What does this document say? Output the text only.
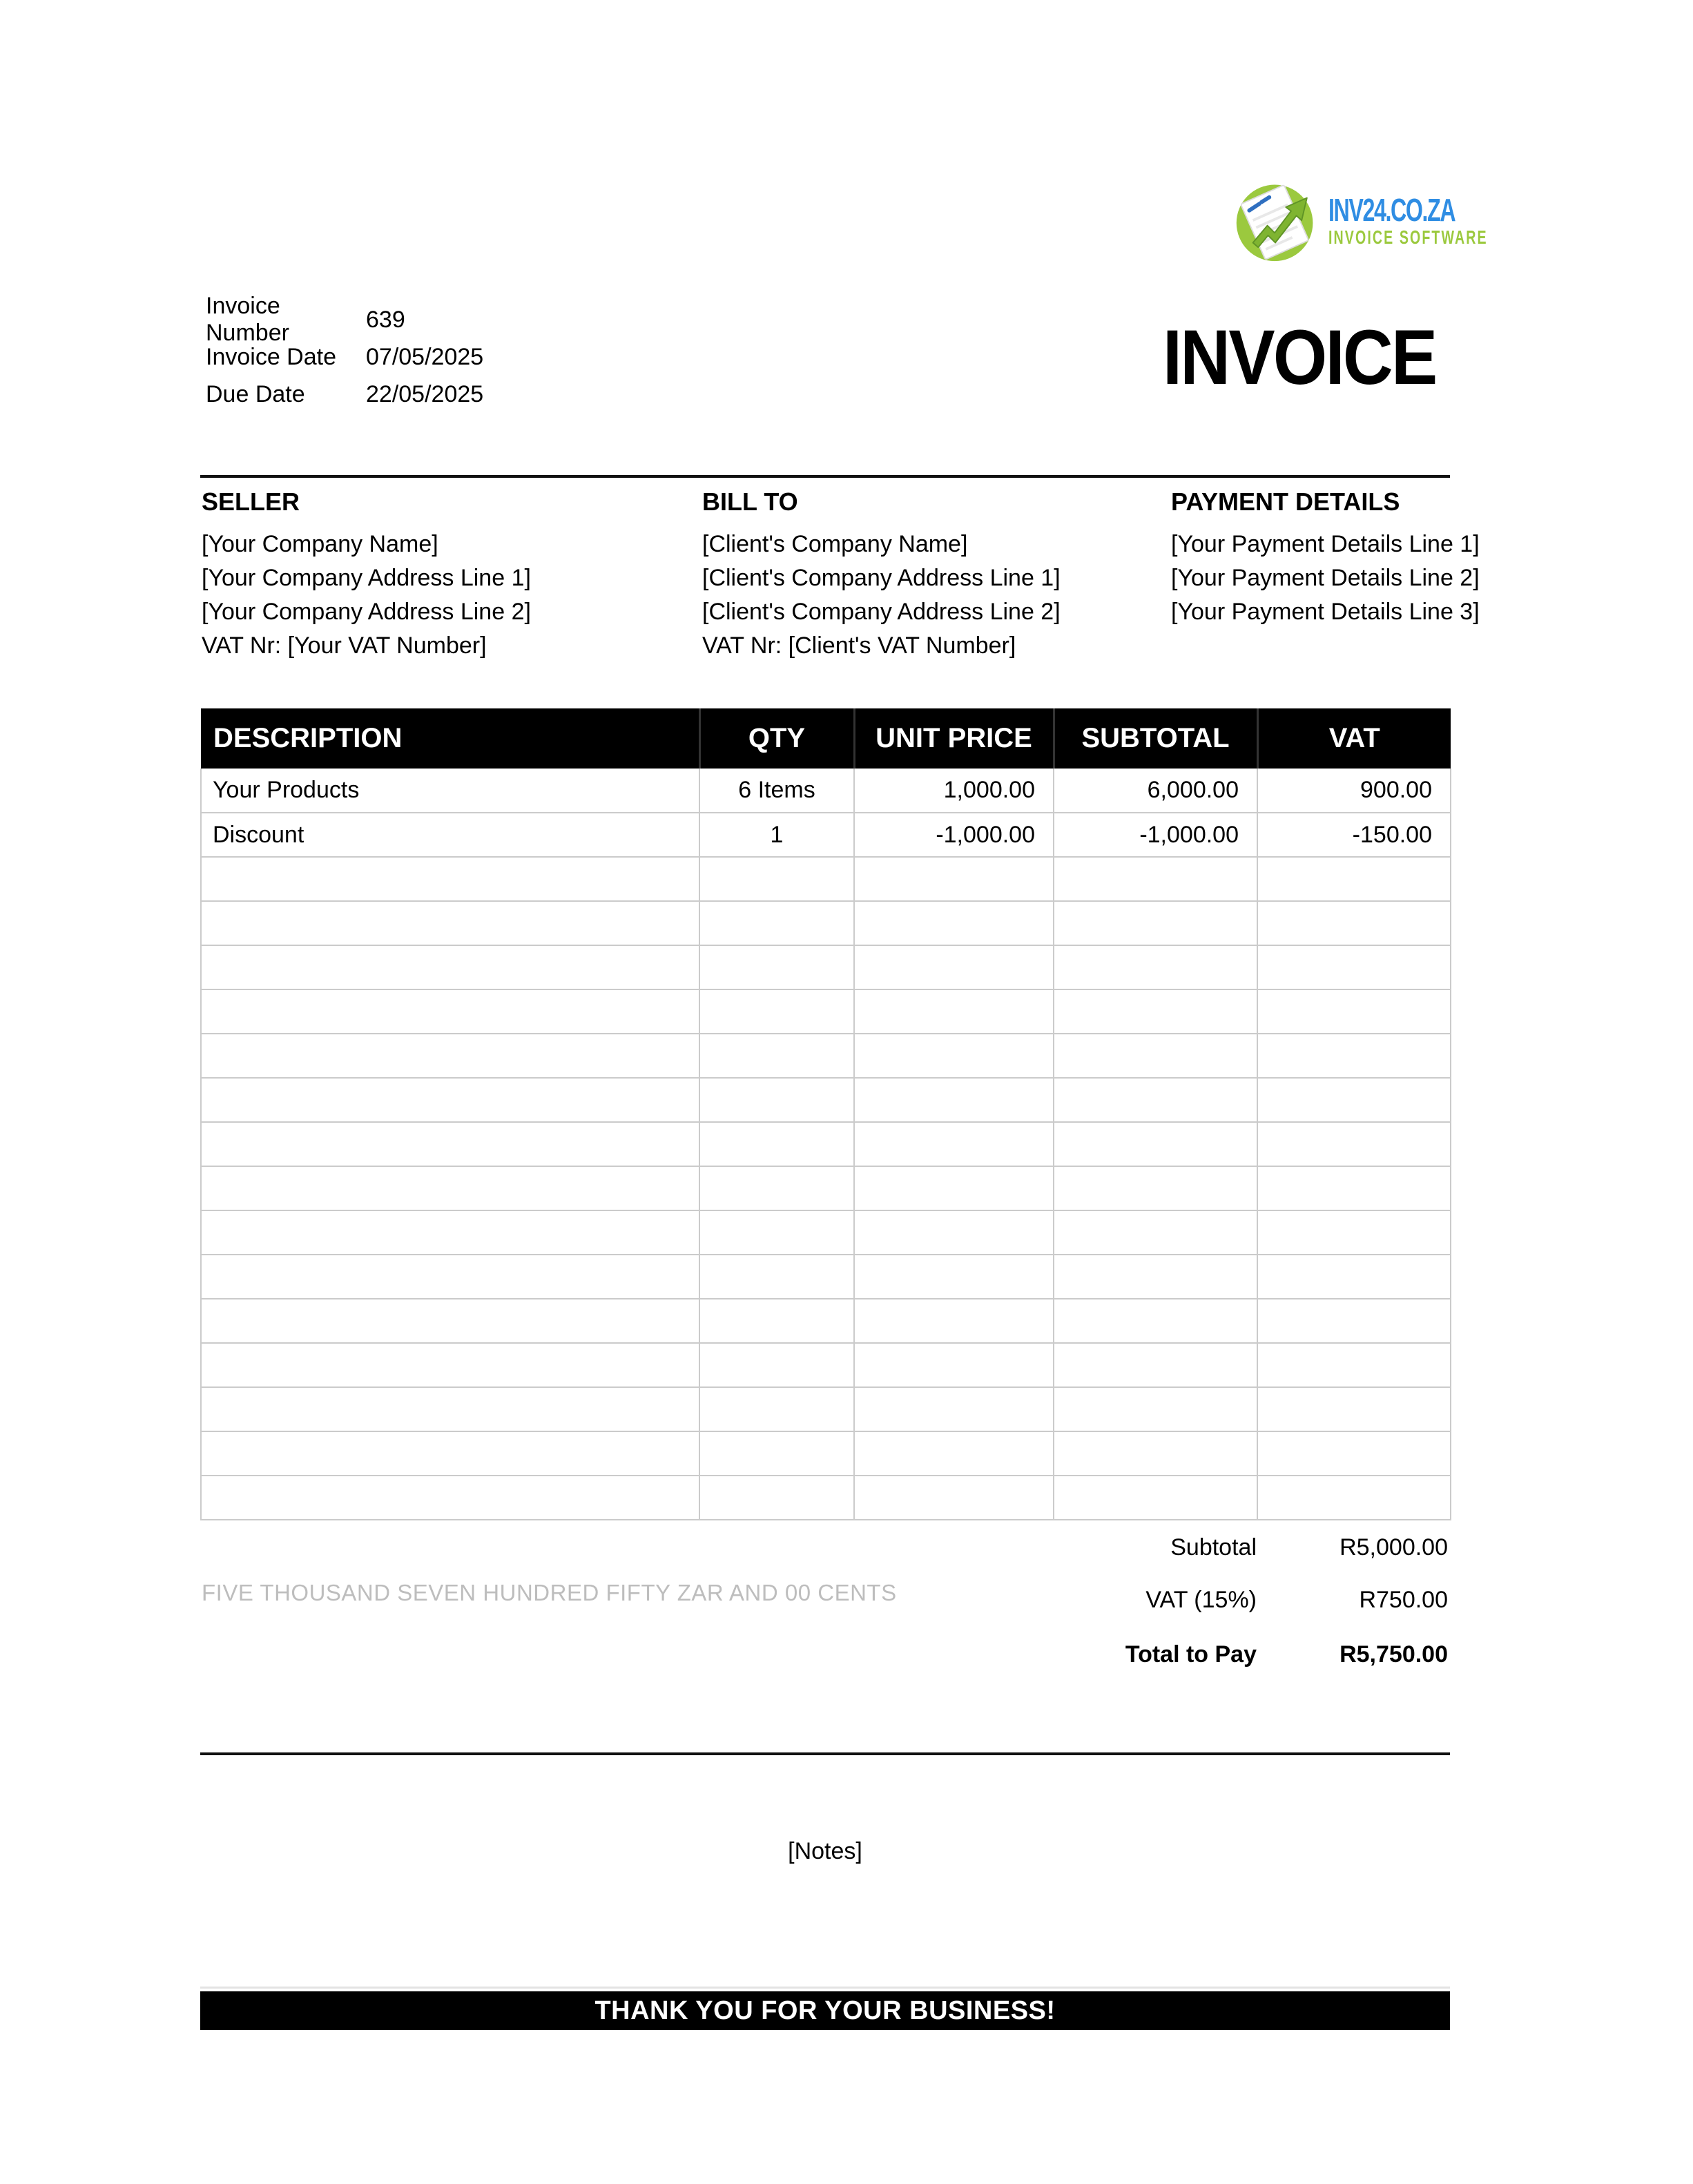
INV24.CO.ZA
INVOICE SOFTWARE
Invoice Number
639
Invoice Date	07/05/2025
Due Date	22/05/2025	INVOICE
SELLER
[Your Company Name]
[Your Company Address Line 1]
[Your Company Address Line 2]
VAT Nr: [Your VAT Number]
BILL TO
[Client's Company Name]
[Client's Company Address Line 1]
[Client's Company Address Line 2]
VAT Nr: [Client's VAT Number]
PAYMENT DETAILS
[Your Payment Details Line 1]
[Your Payment Details Line 2]
[Your Payment Details Line 3]
DESCRIPTION	QTY	UNIT PRICE	SUBTOTAL	VAT
Your Products	6 Items	1,000.00	6,000.00	900.00
Discount	1	-1,000.00	-1,000.00	-150.00

Subtotal	R5,000.00
VAT (15%)	R750.00
Total to Pay	R5,750.00
FIVE THOUSAND SEVEN HUNDRED FIFTY ZAR AND 00 CENTS
[Notes]
THANK YOU FOR YOUR BUSINESS!
